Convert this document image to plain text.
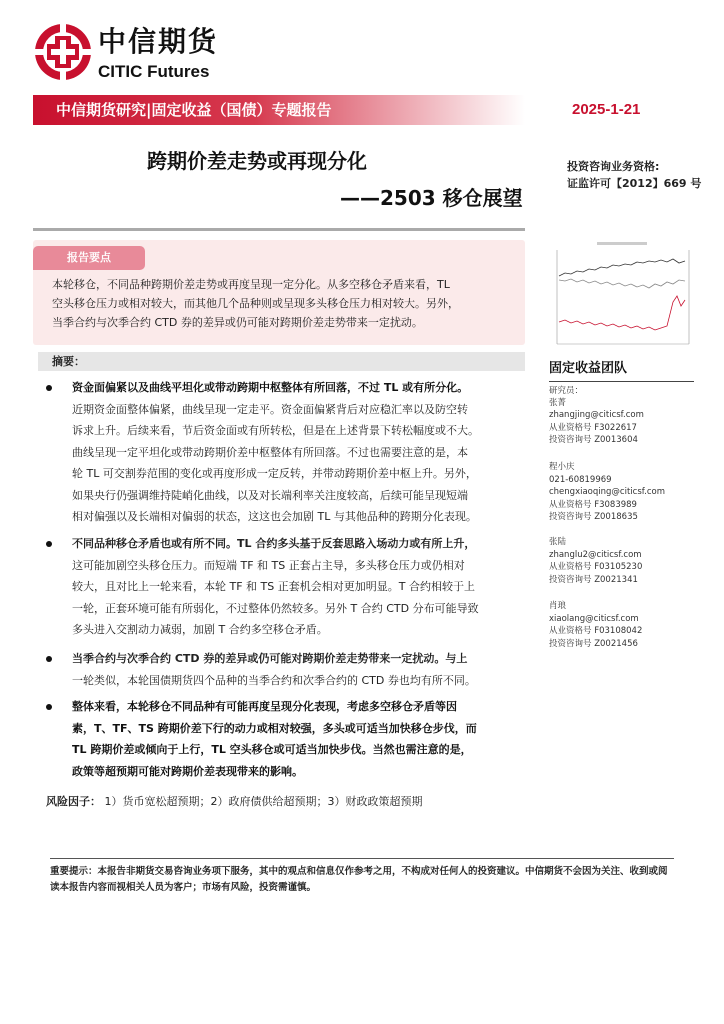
中信期货
CITIC Futures
中信期货研究|固定收益（国债）专题报告	2025-1-21
跨期价差走势或再现分化
——2503 移仓展望
投资咨询业务资格:
证监许可【2012】669 号
报告要点
本轮移仓，不同品种跨期价差走势或再度呈现一定分化。从多空移仓矛盾来看，TL
空头移仓压力或相对较大，而其他几个品种则或呈现多头移仓压力相对较大。另外，
当季合约与次季合约 CTD 券的差异或仍可能对跨期价差走势带来一定扰动。
摘要：
资金面偏紧以及曲线平坦化或带动跨期中枢整体有所回落，不过 TL 或有所分化。
近期资金面整体偏紧，曲线呈现一定走平。资金面偏紧背后对应稳汇率以及防空转
诉求上升。后续来看，节后资金面或有所转松，但是在上述背景下转松幅度或不大。
曲线呈现一定平坦化或带动跨期价差中枢整体有所回落。不过也需要注意的是，本
轮 TL 可交割券范围的变化或再度形成一定反转，并带动跨期价差中枢上升。另外，
如果央行仍强调维持陡峭化曲线，以及对长端利率关注度较高，后续可能呈现短端
相对偏强以及长端相对偏弱的状态，这这也会加剧 TL 与其他品种的跨期分化表现。
不同品种移仓矛盾也或有所不同。TL 合约多头基于反套思路入场动力或有所上升，
这可能加剧空头移仓压力。而短端 TF 和 TS 正套占主导，多头移仓压力或仍相对
较大，且对比上一轮来看，本轮 TF 和 TS 正套机会相对更加明显。T 合约相较于上
一轮，正套环境可能有所弱化，不过整体仍然较多。另外 T 合约 CTD 分布可能导致
多头进入交割动力减弱，加剧 T 合约多空移仓矛盾。
当季合约与次季合约 CTD 券的差异或仍可能对跨期价差走势带来一定扰动。与上
一轮类似，本轮国债期货四个品种的当季合约和次季合约的 CTD 券也均有所不同。
整体来看，本轮移仓不同品种有可能再度呈现分化表现，考虑多空移仓矛盾等因
素，T、TF、TS 跨期价差下行的动力或相对较强，多头或可适当加快移仓步伐，而
TL 跨期价差或倾向于上行，TL 空头移仓或可适当加快步伐。当然也需注意的是，
政策等超预期可能对跨期价差表现带来的影响。
风险因子： 1）货币宽松超预期；2）政府债供给超预期；3）财政政策超预期
固定收益团队
研究员：
张菁
zhangjing@citicsf.com
从业资格号 F3022617
投资咨询号 Z0013604
程小庆
021-60819969
chengxiaoqing@citicsf.com
从业资格号 F3083989
投资咨询号 Z0018635
张陆
zhanglu2@citicsf.com
从业资格号 F03105230
投资咨询号 Z0021341
肖琅
xiaolang@citicsf.com
从业资格号 F03108042
投资咨询号 Z0021456
重要提示：本报告非期货交易咨询业务项下服务，其中的观点和信息仅作参考之用，不构成对任何人的投资建议。中信期货不会因为关注、收到或阅读本报告内容而视相关人员为客户；市场有风险，投资需谨慎。
